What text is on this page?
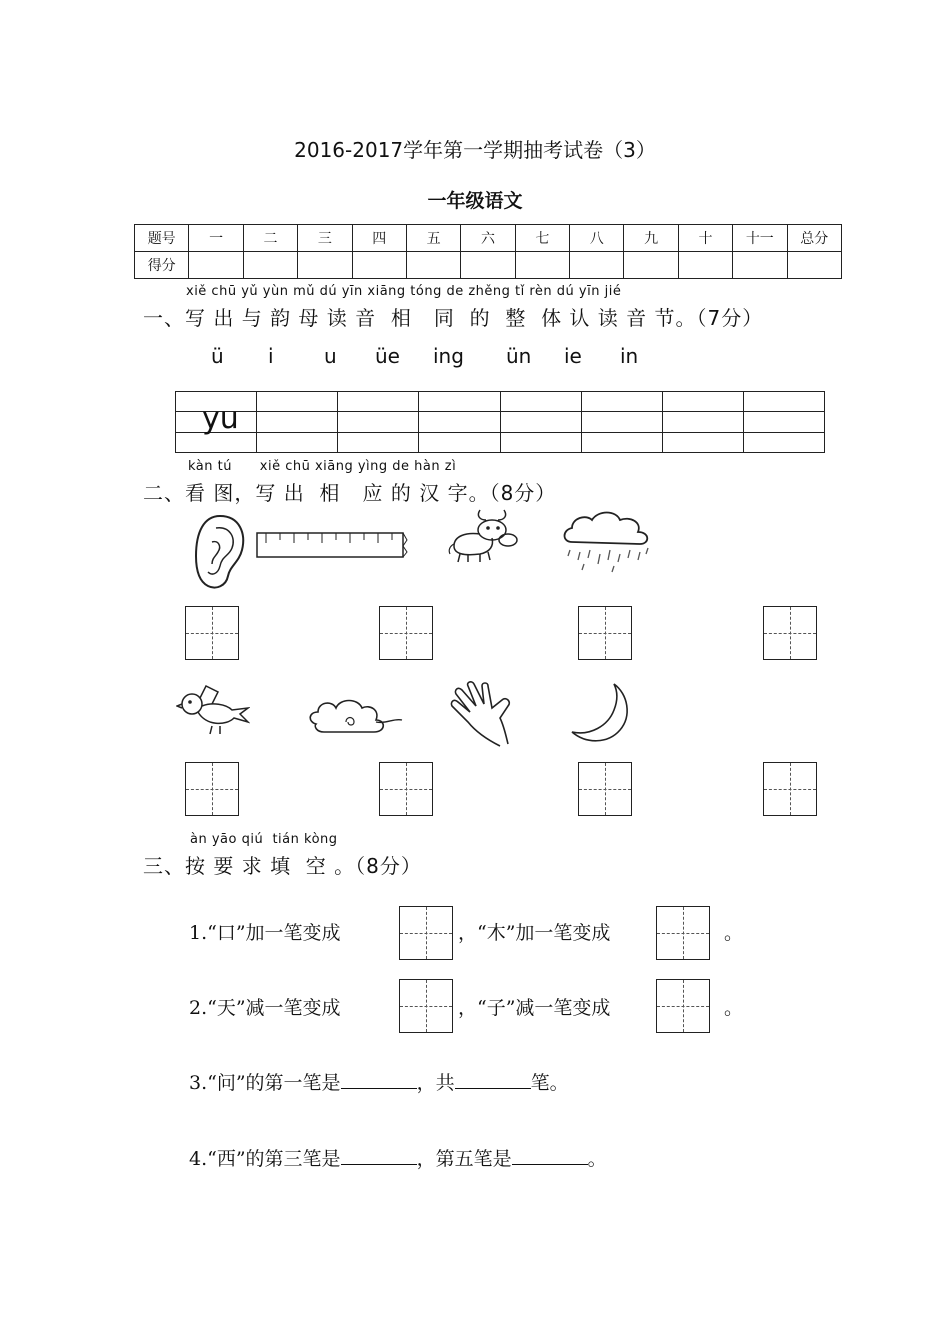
2016-2017学年第一学期抽考试卷（3）
一年级语文
题号	一	二	三	四	五	六	七	八	九	十	十一	总分
得分												
xiě chū yǔ yùn mǔ dú yīn xiāng tóng de zhěng tǐ rèn dú yīn jié
一、写 出 与 韵 母 读 音  相   同  的  整  体 认 读 音 节。（7分）
ü i	u üe ing ün ie in

yu
kàn tú      xiě chū xiāng yìng de hàn zì
二、看 图，写 出  相   应 的 汉 字。（8分）
àn yāo qiú  tián kòng
三、按 要 求 填  空 。（8分）
1.“口”加一笔变成	，“木”加一笔变成	。
2.“天”减一笔变成	，“子”减一笔变成	。
3.“问”的第一笔是	，共	笔。
4.“西”的第三笔是	，第五笔是	。
